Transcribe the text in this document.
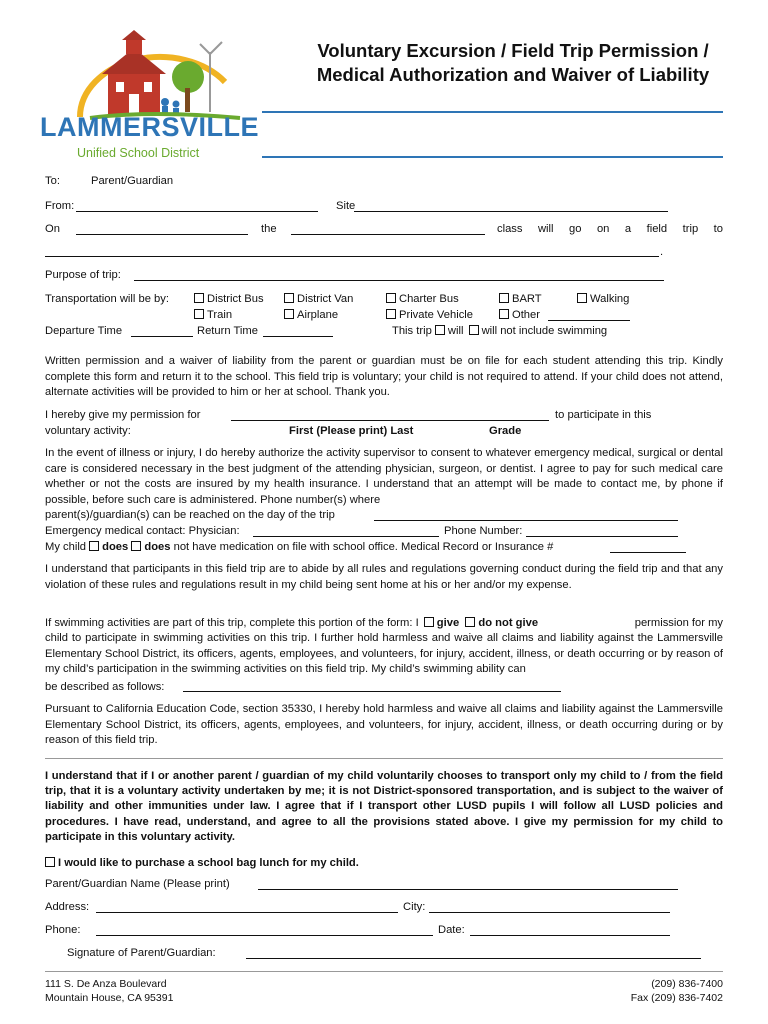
LAMMERSVILLE
Unified School District
Voluntary Excursion / Field Trip Permission /
Medical Authorization and Waiver of Liability
To:	Parent/Guardian
From:	Site
On	the	class will go on a field trip to
.
Purpose of trip:
Transportation will be by:	District Bus	District Van	Charter Bus	BART	Walking
Train	Airplane	Private Vehicle	Other
Departure Time	Return Time	This trip will will not include swimming
Written permission and a waiver of liability from the parent or guardian must be on file for each student attending this trip. Kindly complete this form and return it to the school. This field trip is voluntary; your child is not required to attend. If your child does not attend, alternate activities will be provided to him or her at school. Thank you.
I hereby give my permission for	to participate in this
voluntary activity:	First (Please print) Last	Grade
In the event of illness or injury, I do hereby authorize the activity supervisor to consent to whatever emergency medical, surgical or dental care is considered necessary in the best judgment of the attending physician, surgeon, or dentist. I agree to pay for such medical care whether or not the costs are insured by my health insurance. I understand that an attempt will be made to contact me, by phone if possible, before such care is administered. Phone number(s) where
parent(s)/guardian(s) can be reached on the day of the trip
Emergency medical contact: Physician:	Phone Number:
My child does does not have medication on file with school office. Medical Record or Insurance #
I understand that participants in this field trip are to abide by all rules and regulations governing conduct during the field trip and that any violation of these rules and regulations result in my child being sent home at his or her and/or my expense.
If swimming activities are part of this trip, complete this portion of the form: I give do not give	permission for my
child to participate in swimming activities on this trip. I further hold harmless and waive all claims and liability against the Lammersville Elementary School District, its officers, agents, employees, and volunteers, for injury, accident, illness, or death occurring or by reason of my child’s participation in the swimming activities on this field trip. My child’s swimming ability can
be described as follows:
Pursuant to California Education Code, section 35330, I hereby hold harmless and waive all claims and liability against the Lammersville Elementary School District, its officers, agents, employees, and volunteers, for injury, accident, illness, or death occurring during or by reason of this field trip.
I understand that if I or another parent / guardian of my child voluntarily chooses to transport only my child to / from the field trip, that it is a voluntary activity undertaken by me; it is not District-sponsored transportation, and is subject to the waiver of liability and other immunities under law. I agree that if I transport other LUSD pupils I will follow all LUSD policies and procedures. I have read, understand, and agree to all the provisions stated above. I give my permission for my child to participate in this voluntary activity.
I would like to purchase a school bag lunch for my child.
Parent/Guardian Name (Please print)
Address:	City:
Phone:	Date:
Signature of Parent/Guardian:
111 S. De Anza Boulevard
Mountain House, CA 95391
(209) 836-7400
Fax (209) 836-7402
